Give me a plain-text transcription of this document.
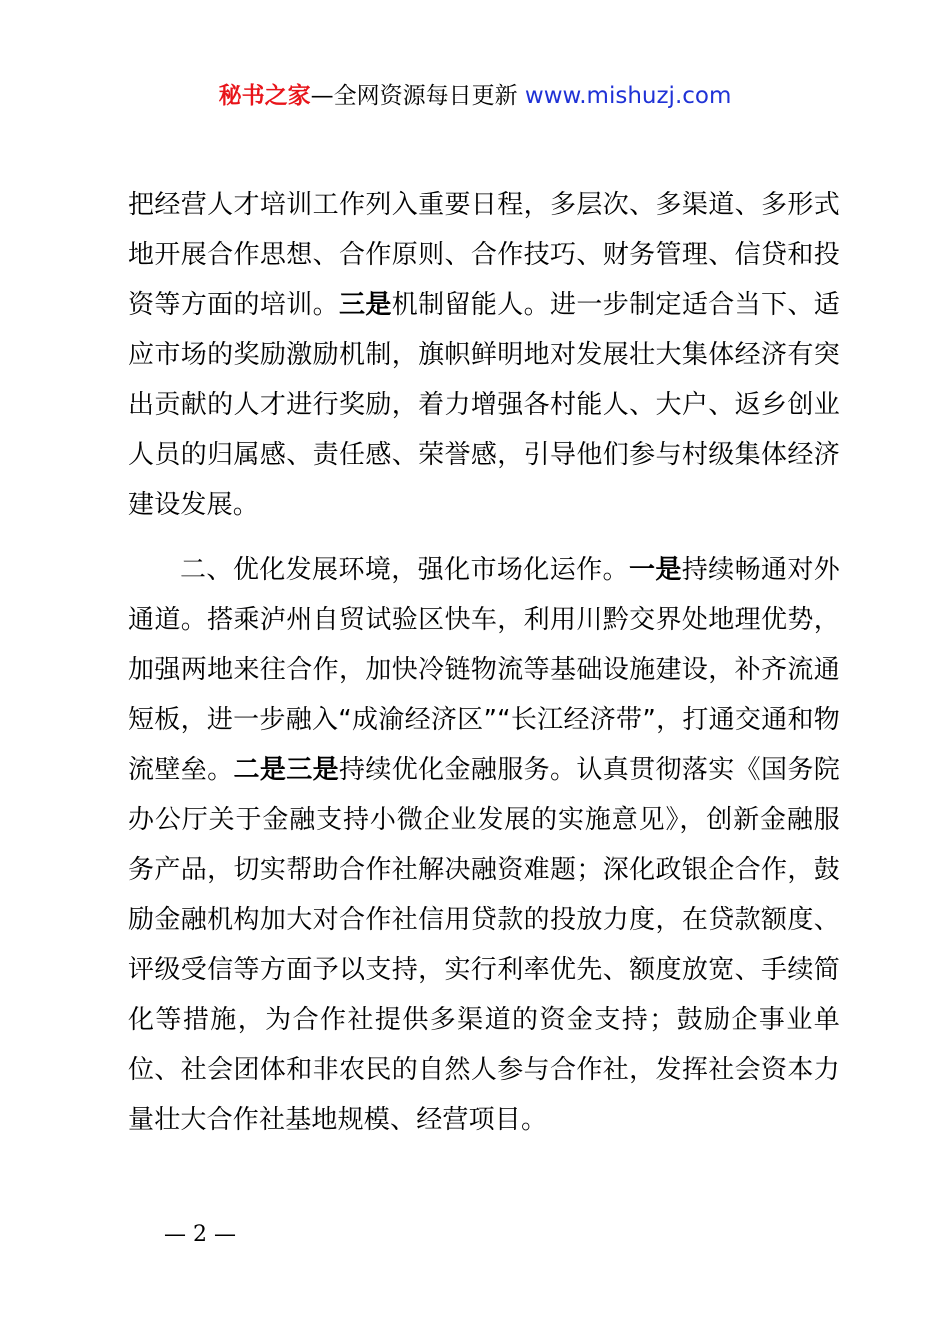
秘书之家—全网资源每日更新 www.mishuzj.com

把经营人才培训工作列入重要日程，多层次、多渠道、多形式地开展合作思想、合作原则、合作技巧、财务管理、信贷和投资等方面的培训。三是机制留能人。进一步制定适合当下、适应市场的奖励激励机制，旗帜鲜明地对发展壮大集体经济有突出贡献的人才进行奖励，着力增强各村能人、大户、返乡创业人员的归属感、责任感、荣誉感，引导他们参与村级集体经济建设发展。

二、优化发展环境，强化市场化运作。一是持续畅通对外通道。搭乘泸州自贸试验区快车，利用川黔交界处地理优势，加强两地来往合作，加快冷链物流等基础设施建设，补齐流通短板，进一步融入“成渝经济区”“长江经济带”，打通交通和物流壁垒。二是三是持续优化金融服务。认真贯彻落实《国务院办公厅关于金融支持小微企业发展的实施意见》，创新金融服务产品，切实帮助合作社解决融资难题；深化政银企合作，鼓励金融机构加大对合作社信用贷款的投放力度，在贷款额度、评级受信等方面予以支持，实行利率优先、额度放宽、手续简化等措施，为合作社提供多渠道的资金支持；鼓励企事业单位、社会团体和非农民的自然人参与合作社，发挥社会资本力量壮大合作社基地规模、经营项目。

— 2 —
